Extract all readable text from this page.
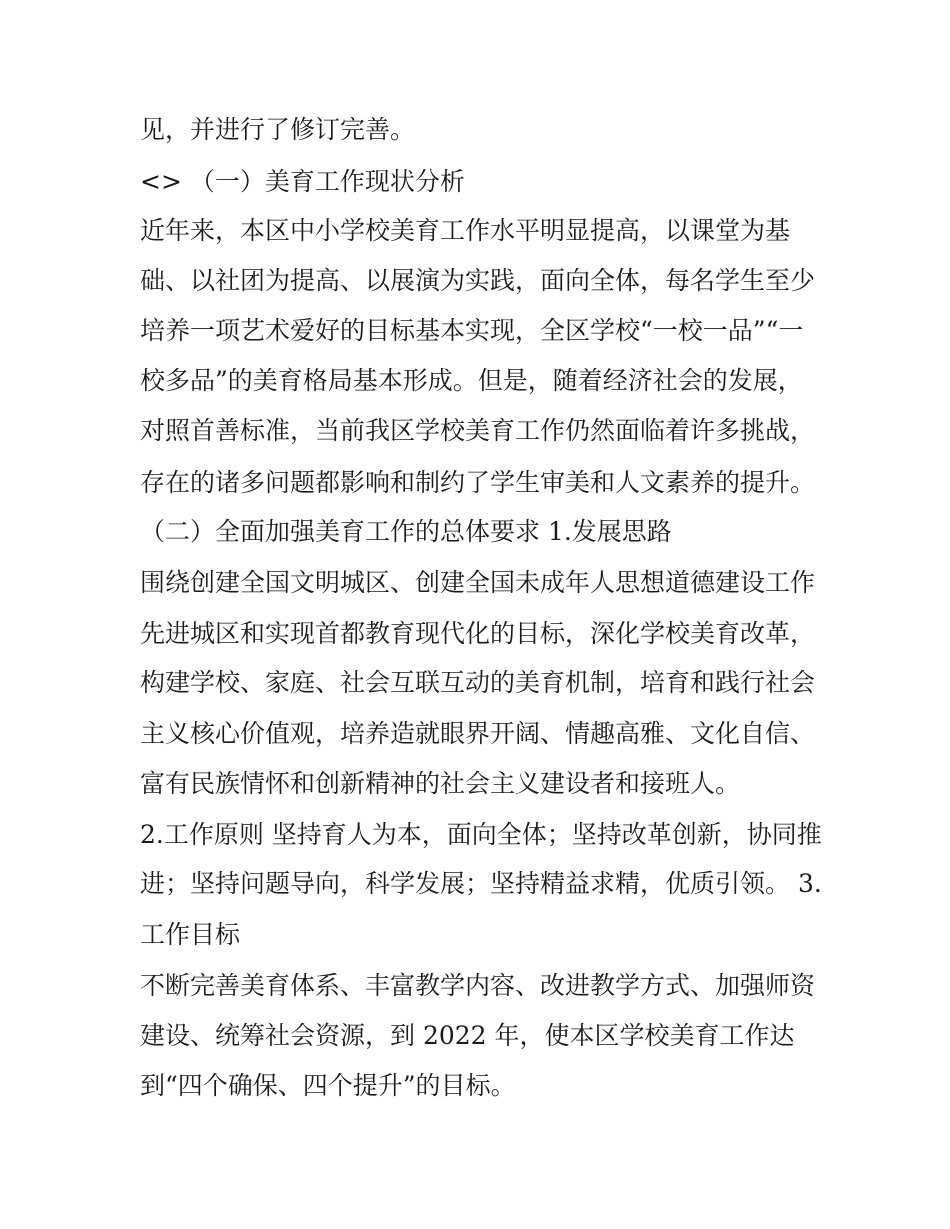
见，并进行了修订完善。

<> （一）美育工作现状分析

近年来，本区中小学校美育工作水平明显提高，以课堂为基

础、以社团为提高、以展演为实践，面向全体，每名学生至少

培养一项艺术爱好的目标基本实现，全区学校“一校一品”“一

校多品”的美育格局基本形成。但是，随着经济社会的发展，

对照首善标准，当前我区学校美育工作仍然面临着许多挑战，

存在的诸多问题都影响和制约了学生审美和人文素养的提升。

（二）全面加强美育工作的总体要求 1.发展思路

围绕创建全国文明城区、创建全国未成年人思想道德建设工作

先进城区和实现首都教育现代化的目标，深化学校美育改革，

构建学校、家庭、社会互联互动的美育机制，培育和践行社会

主义核心价值观，培养造就眼界开阔、情趣高雅、文化自信、

富有民族情怀和创新精神的社会主义建设者和接班人。

2.工作原则 坚持育人为本，面向全体；坚持改革创新，协同推

进；坚持问题导向，科学发展；坚持精益求精，优质引领。 3.

工作目标

不断完善美育体系、丰富教学内容、改进教学方式、加强师资

建设、统筹社会资源，到 2022 年，使本区学校美育工作达

到“四个确保、四个提升”的目标。
